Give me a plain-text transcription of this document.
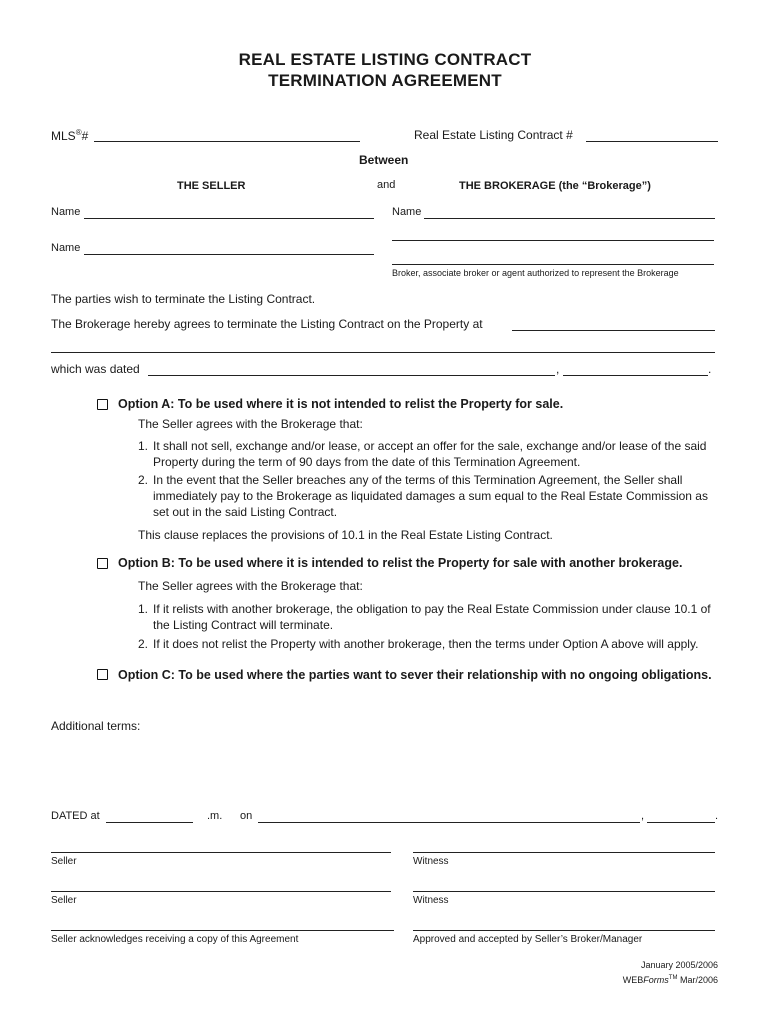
REAL ESTATE LISTING CONTRACT
TERMINATION AGREEMENT
MLS®#	Real Estate Listing Contract #
Between
THE SELLER	and	THE BROKERAGE (the “Brokerage”)
Name	Name
Name
Broker, associate broker or agent authorized to represent the Brokerage
The parties wish to terminate the Listing Contract.
The Brokerage hereby agrees to terminate the Listing Contract on the Property at
which was dated	,	.
Option A: To be used where it is not intended to relist the Property for sale.
The Seller agrees with the Brokerage that:
1. It shall not sell, exchange and/or lease, or accept an offer for the sale, exchange and/or lease of the said Property during the term of 90 days from the date of this Termination Agreement.
2. In the event that the Seller breaches any of the terms of this Termination Agreement, the Seller shall immediately pay to the Brokerage as liquidated damages a sum equal to the Real Estate Commission as set out in the said Listing Contract.
This clause replaces the provisions of 10.1 in the Real Estate Listing Contract.
Option B: To be used where it is intended to relist the Property for sale with another brokerage.
The Seller agrees with the Brokerage that:
1. If it relists with another brokerage, the obligation to pay the Real Estate Commission under clause 10.1 of the Listing Contract will terminate.
2. If it does not relist the Property with another brokerage, then the terms under Option A above will apply.
Option C: To be used where the parties want to sever their relationship with no ongoing obligations.
Additional terms:
DATED at	.m. on	,	.
Seller	Witness
Seller	Witness
Seller acknowledges receiving a copy of this Agreement	Approved and accepted by Seller’s Broker/Manager
January 2005/2006
WEBForms™ Mar/2006
